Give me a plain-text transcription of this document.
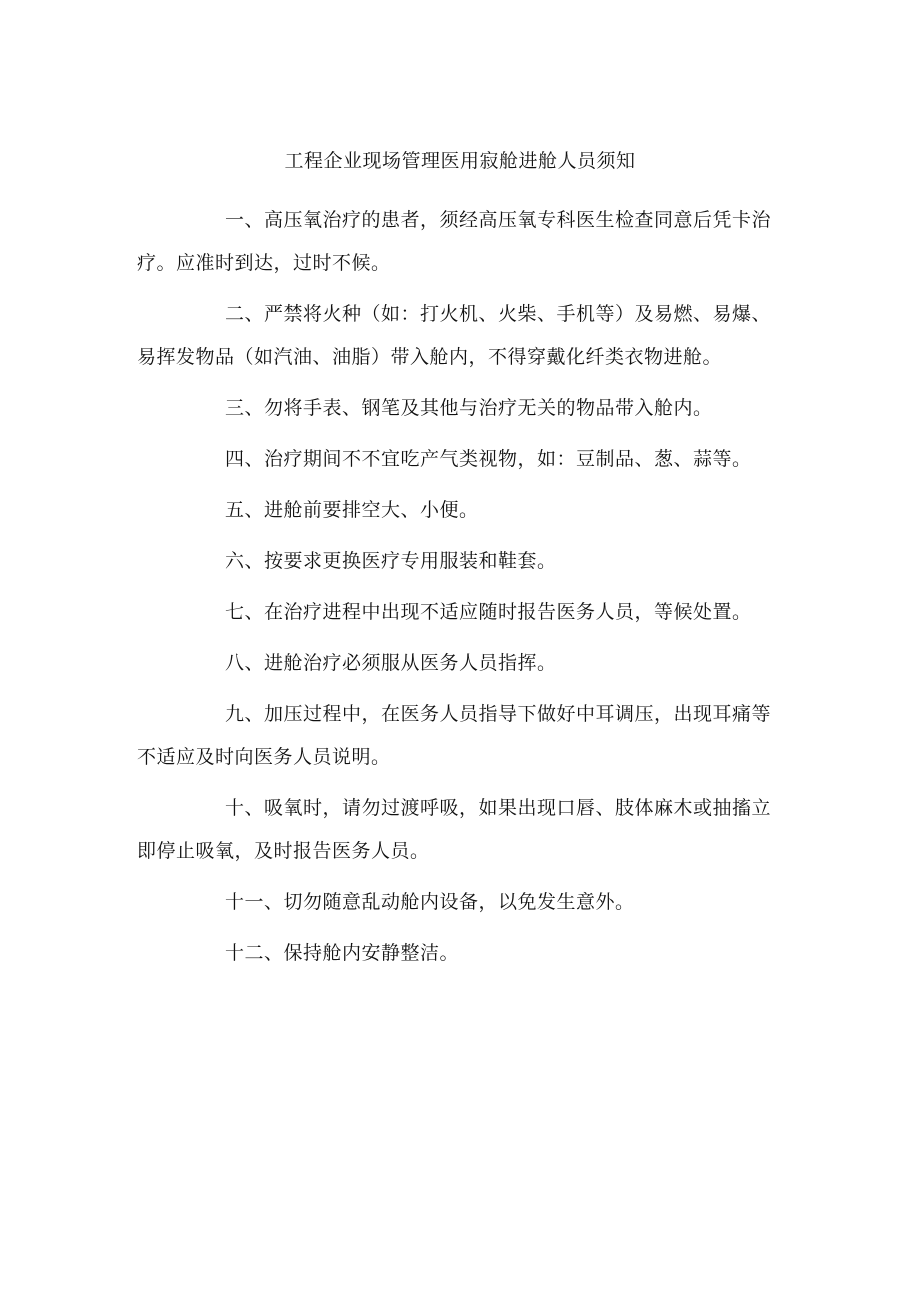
工程企业现场管理医用寂舱进舱人员须知
一、高压氧治疗的患者，须经高压氧专科医生检查同意后凭卡治疗。应准时到达，过时不候。
二、严禁将火种（如：打火机、火柴、手机等）及易燃、易爆、易挥发物品（如汽油、油脂）带入舱内，不得穿戴化纤类衣物进舱。
三、勿将手表、钢笔及其他与治疗无关的物品带入舱内。
四、治疗期间不不宜吃产气类视物，如：豆制品、葱、蒜等。
五、进舱前要排空大、小便。
六、按要求更换医疗专用服装和鞋套。
七、在治疗进程中出现不适应随时报告医务人员，等候处置。
八、进舱治疗必须服从医务人员指挥。
九、加压过程中，在医务人员指导下做好中耳调压，出现耳痛等不适应及时向医务人员说明。
十、吸氧时，请勿过渡呼吸，如果出现口唇、肢体麻木或抽搐立即停止吸氧，及时报告医务人员。
十一、切勿随意乱动舱内设备，以免发生意外。
十二、保持舱内安静整洁。
